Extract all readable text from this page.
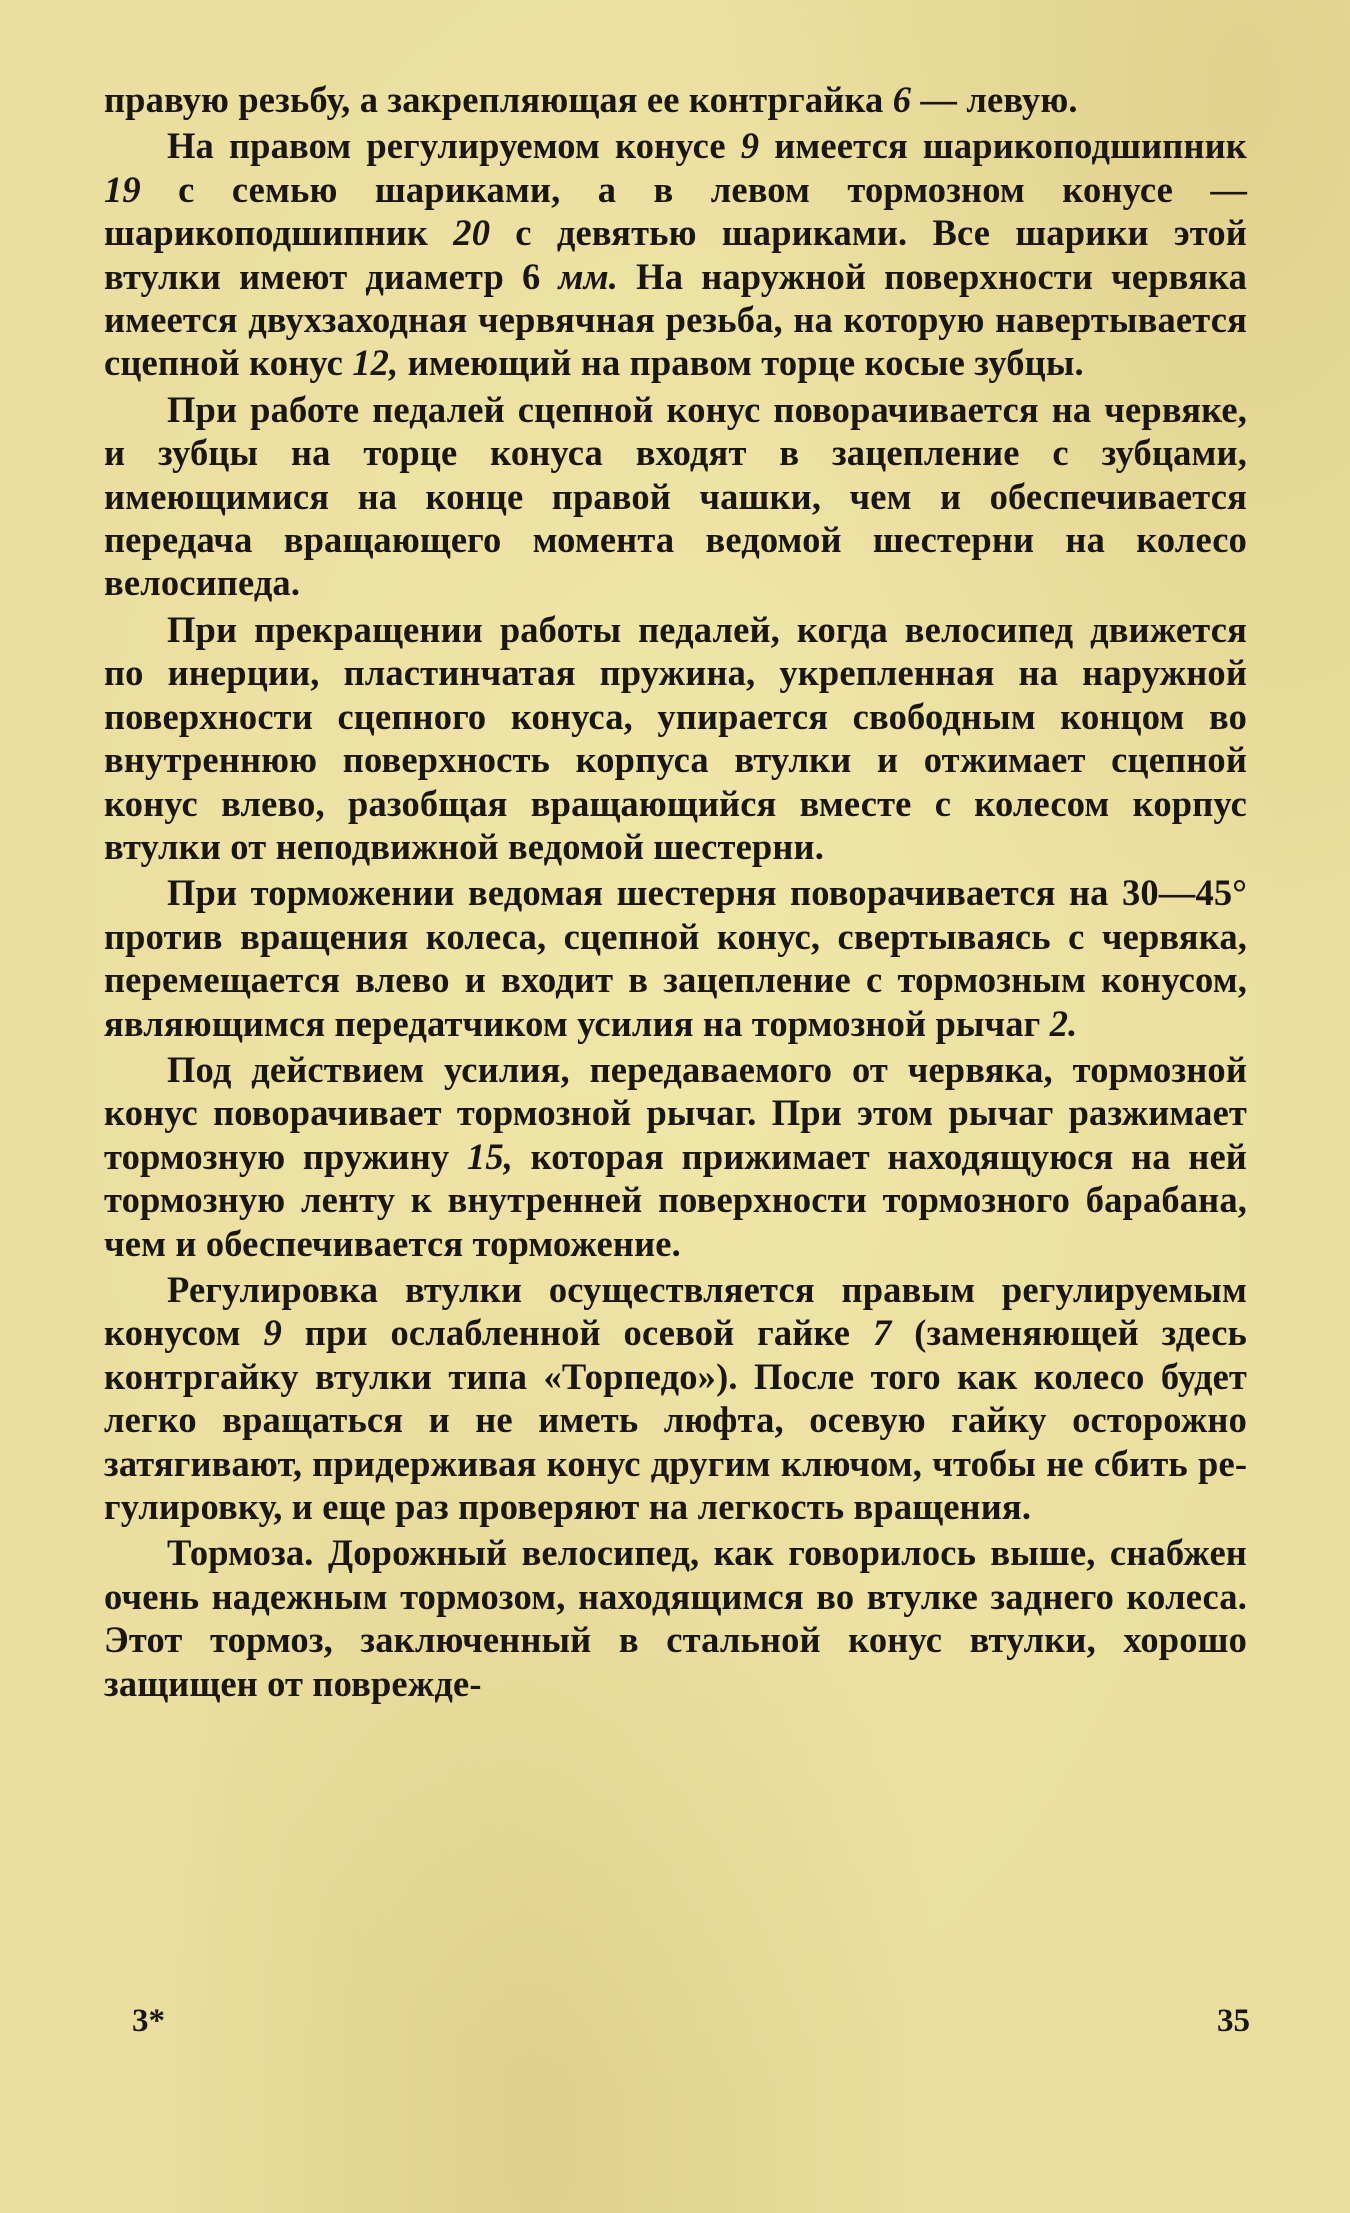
правую резьбу, а закрепляющая ее контргайка 6 — левую.

На правом регулируемом конусе 9 имеется шарикоподшипник 19 с семью шариками, а в левом тормозном конусе — шарикоподшипник 20 с девятью шариками. Все шарики этой втулки имеют диаметр 6 мм. На наружной поверхности червяка имеется двухзаходная червячная резьба, на которую навертывается сцепной конус 12, имеющий на правом торце косые зубцы.

При работе педалей сцепной конус поворачивается на червяке, и зубцы на торце конуса входят в зацепление с зубцами, имеющимися на конце правой чашки, чем и обеспечивается передача вращающего момента ведомой шестерни на колесо велосипеда.

При прекращении работы педалей, когда велосипед движется по инерции, пластинчатая пружина, укрепленная на наружной поверхности сцепного конуса, упирается свободным концом во внутреннюю поверхность корпуса втулки и отжимает сцепной конус влево, разобщая вращающийся вместе с колесом корпус втулки от неподвижной ведомой шестерни.

При торможении ведомая шестерня поворачивается на 30—45° против вращения колеса, сцепной конус, свертываясь с червяка, перемещается влево и входит в зацепление с тормозным конусом, являющимся передатчиком усилия на тормозной рычаг 2.

Под действием усилия, передаваемого от червяка, тормозной конус поворачивает тормозной рычаг. При этом рычаг разжимает тормозную пружину 15, которая прижимает находящуюся на ней тормозную ленту к внутренней поверхности тормозного барабана, чем и обеспечивается торможение.

Регулировка втулки осуществляется правым регулируемым конусом 9 при ослабленной осевой гайке 7 (заменяющей здесь контргайку втулки типа «Торпедо»). После того как колесо будет легко вращаться и не иметь люфта, осевую гайку осторожно затягивают, придерживая конус другим ключом, чтобы не сбить регулировку, и еще раз проверяют на легкость вращения.

Тормоза. Дорожный велосипед, как говорилось выше, снабжен очень надежным тормозом, находящимся во втулке заднего колеса. Этот тормоз, заключенный в стальной конус втулки, хорошо защищен от поврежде-

3*	35
